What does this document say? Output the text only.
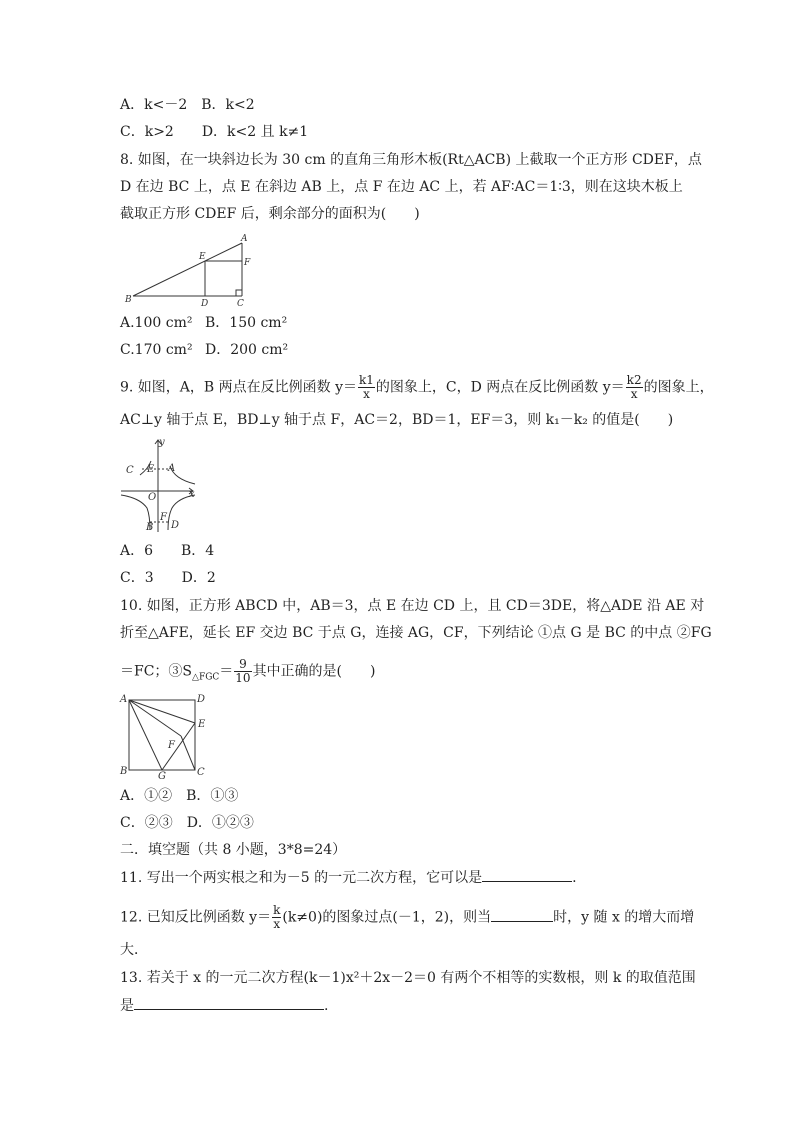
A．k<－2　B．k<2
C．k>2　　D．k<2 且 k≠1
8. 如图，在一块斜边长为 30 cm 的直角三角形木板(Rt△ACB) 上截取一个正方形 CDEF，点
D 在边 BC 上，点 E 在斜边 AB 上，点 F 在边 AC 上，若 AF∶AC＝1∶3，则在这块木板上
截取正方形 CDEF 后，剩余部分的面积为(　　)
A
B	C
D
E
F
A.100 cm² B．150 cm²
C.170 cm² D．200 cm²
9. 如图，A，B 两点在反比例函数 $y= \frac{k1}{x}$ 的图象上，C，D 两点在反比例函数 $y= \frac{k2}{x}$ 的图象上，
AC⊥y 轴于点 E，BD⊥y 轴于点 F，AC＝2，BD＝1，EF＝3，则 k₁－k₂ 的值是(　　)
y
x
O
A
B
C
D
E
F
A．6　　B．4
C．3　　D．2
10. 如图，正方形 ABCD 中，AB＝3，点 E 在边 CD 上，且 CD＝3DE，将△ADE 沿 AE 对
折至△AFE，延长 EF 交边 BC 于点 G，连接 AG，CF，下列结论 ①点 G 是 BC 的中点 ②FG
＝FC；$③S_{\triangle FGC}= \frac{9}{10}$ 其中正确的是(　　)
A
B	C
D
E
F
G
A．①②　B．①③
C．②③　D．①②③
二．填空题（共 8 小题，3*8=24）
11. 写出一个两实根之和为－5 的一元二次方程，它可以是	.
12. 已知反比例函数 $y= \frac{k}{x} (k\ne 0)$的图象过点(－1，2)，则当	时，y 随 x 的增大而增
大．
13. 若关于 x 的一元二次方程(k－1)x²＋2x－2＝0 有两个不相等的实数根，则 k 的取值范围
是	.
